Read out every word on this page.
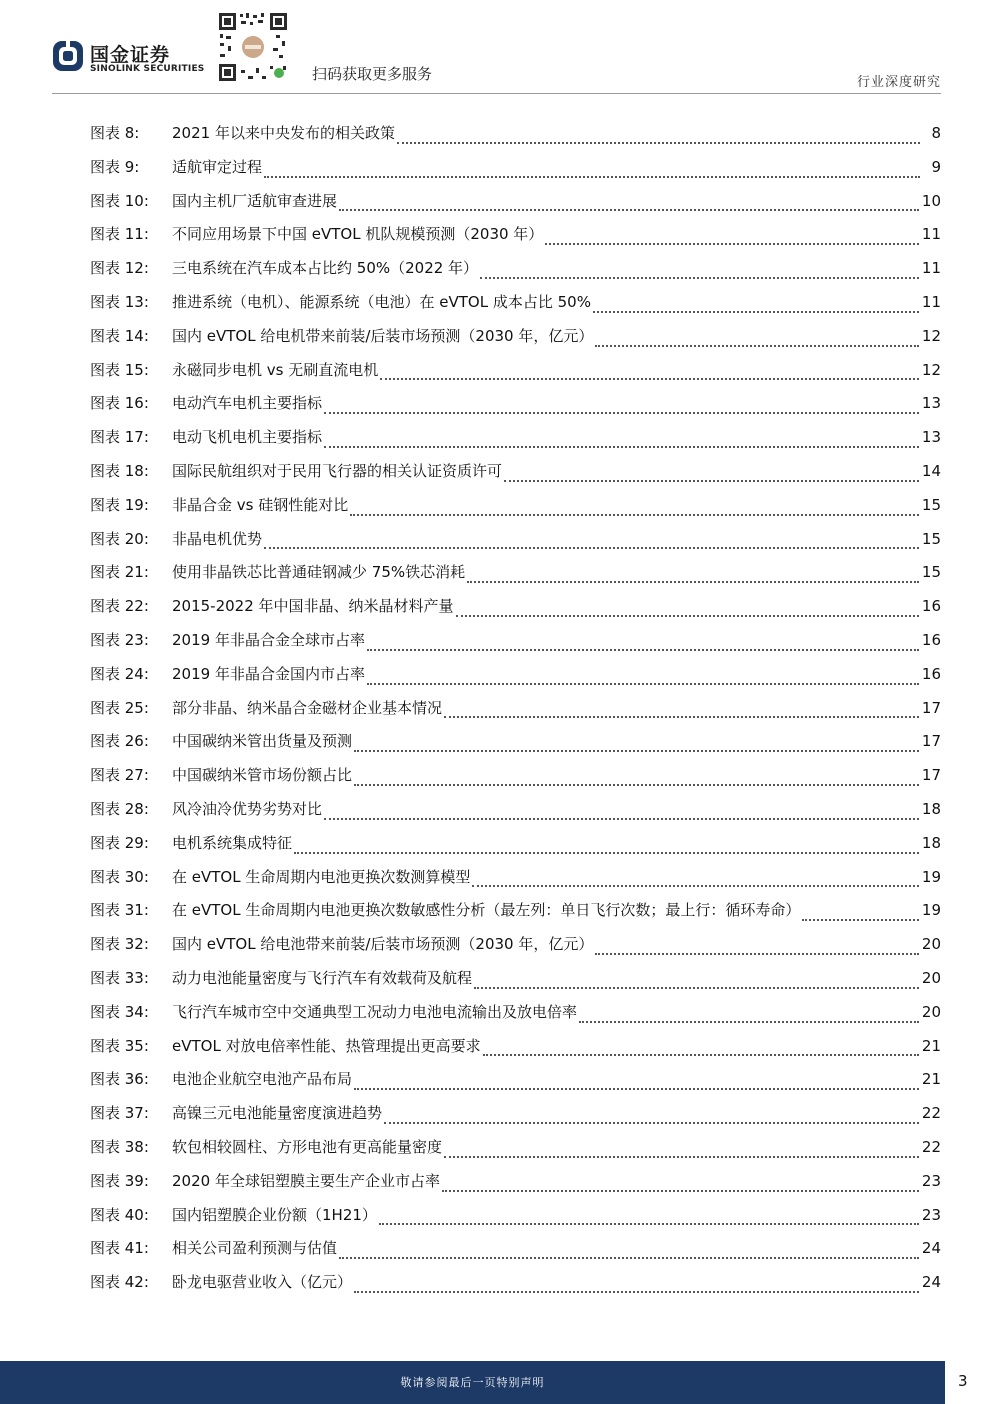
国金证券
SINOLINK SECURITIES	扫码获取更多服务	行业深度研究
图表 8:	2021 年以来中央发布的相关政策	8
图表 9:	适航审定过程	9
图表 10:	国内主机厂适航审查进展	10
图表 11:	不同应用场景下中国 eVTOL 机队规模预测（2030 年）	11
图表 12:	三电系统在汽车成本占比约 50%（2022 年）	11
图表 13:	推进系统（电机）、能源系统（电池）在 eVTOL 成本占比 50%	11
图表 14:	国内 eVTOL 给电机带来前装/后装市场预测（2030 年，亿元）	12
图表 15:	永磁同步电机 vs 无刷直流电机	12
图表 16:	电动汽车电机主要指标	13
图表 17:	电动飞机电机主要指标	13
图表 18:	国际民航组织对于民用飞行器的相关认证资质许可	14
图表 19:	非晶合金 vs 硅钢性能对比	15
图表 20:	非晶电机优势	15
图表 21:	使用非晶铁芯比普通硅钢减少 75%铁芯消耗	15
图表 22:	2015-2022 年中国非晶、纳米晶材料产量	16
图表 23:	2019 年非晶合金全球市占率	16
图表 24:	2019 年非晶合金国内市占率	16
图表 25:	部分非晶、纳米晶合金磁材企业基本情况	17
图表 26:	中国碳纳米管出货量及预测	17
图表 27:	中国碳纳米管市场份额占比	17
图表 28:	风冷油冷优势劣势对比	18
图表 29:	电机系统集成特征	18
图表 30:	在 eVTOL 生命周期内电池更换次数测算模型	19
图表 31:	在 eVTOL 生命周期内电池更换次数敏感性分析（最左列：单日飞行次数；最上行：循环寿命）	19
图表 32:	国内 eVTOL 给电池带来前装/后装市场预测（2030 年，亿元）	20
图表 33:	动力电池能量密度与飞行汽车有效载荷及航程	20
图表 34:	飞行汽车城市空中交通典型工况动力电池电流输出及放电倍率	20
图表 35:	eVTOL 对放电倍率性能、热管理提出更高要求	21
图表 36:	电池企业航空电池产品布局	21
图表 37:	高镍三元电池能量密度演进趋势	22
图表 38:	软包相较圆柱、方形电池有更高能量密度	22
图表 39:	2020 年全球铝塑膜主要生产企业市占率	23
图表 40:	国内铝塑膜企业份额（1H21）	23
图表 41:	相关公司盈利预测与估值	24
图表 42:	卧龙电驱营业收入（亿元）	24
敬请参阅最后一页特别声明	3
